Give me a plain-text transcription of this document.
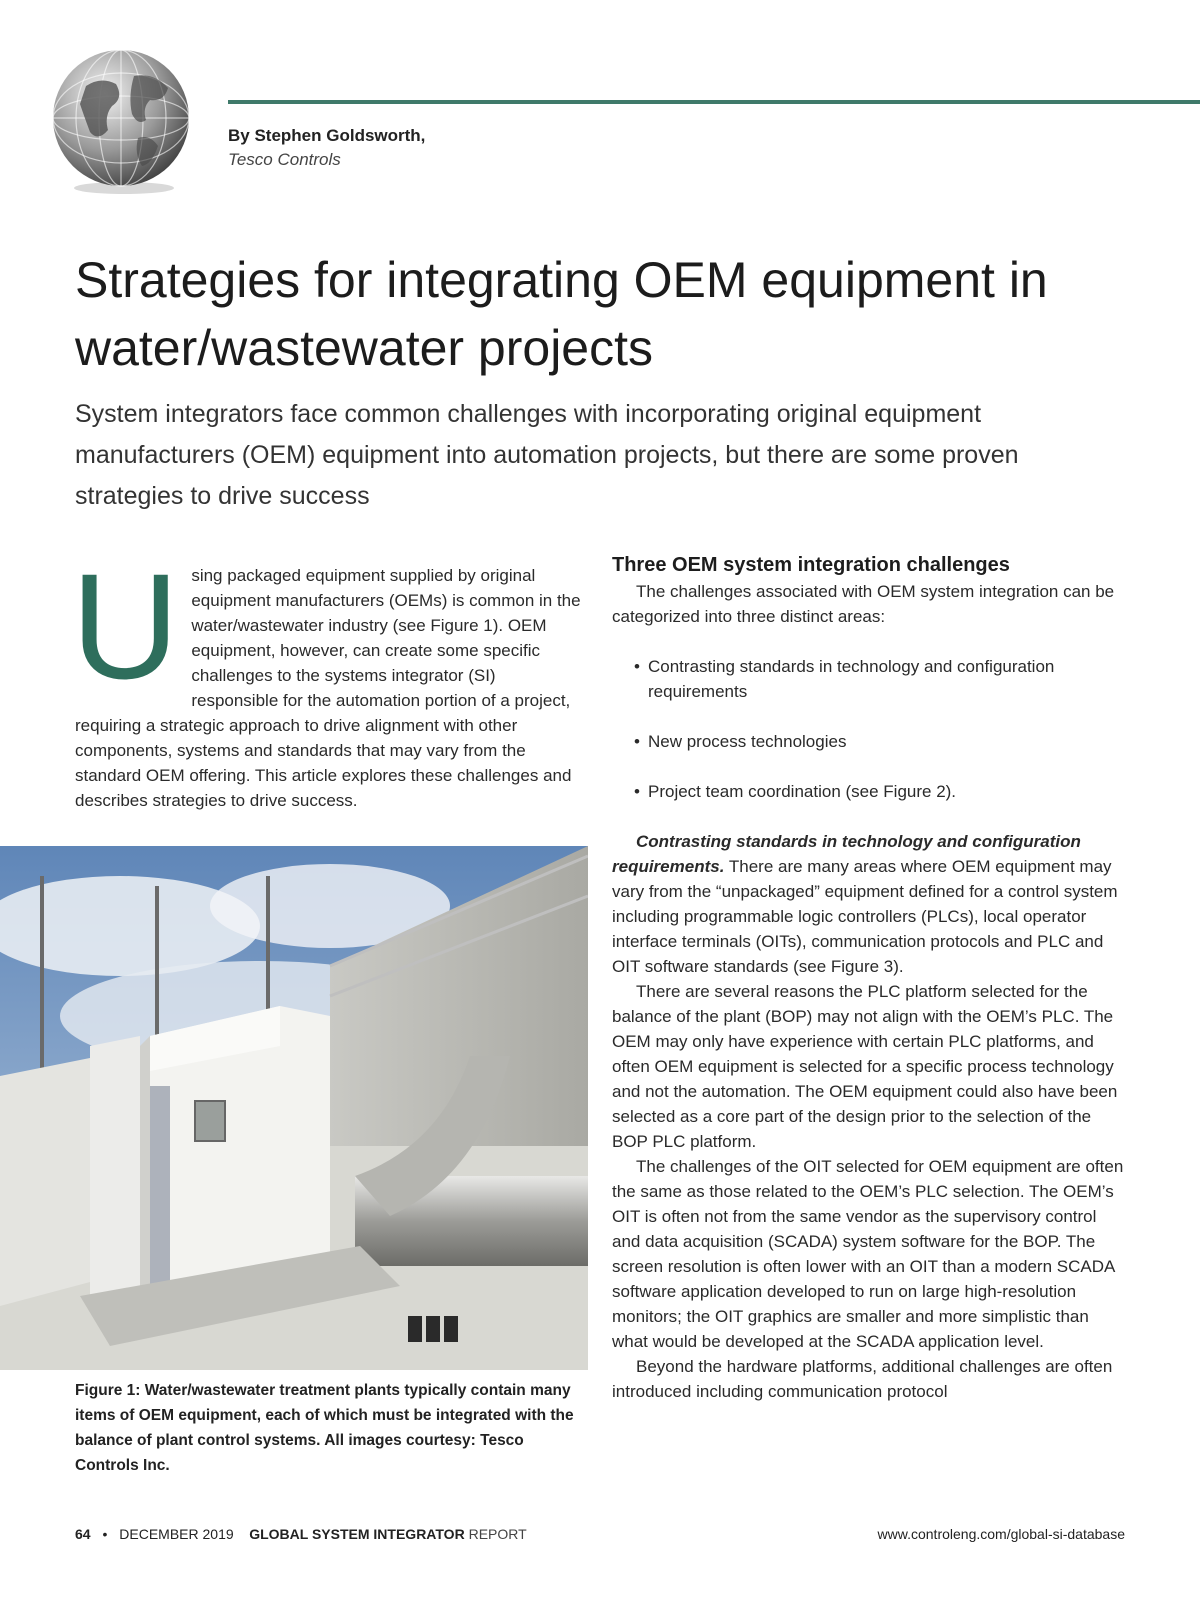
By Stephen Goldsworth,
Tesco Controls
Strategies for integrating OEM equipment in water/wastewater projects

System integrators face common challenges with incorporating original equipment manufacturers (OEM) equipment into automation projects, but there are some proven strategies to drive success

U sing packaged equipment supplied by original equipment manufacturers (OEMs) is common in the water/wastewater industry (see Figure 1). OEM equipment, however, can create some specific challenges to the systems integrator (SI) responsible for the automation portion of a project, requiring a strategic approach to drive alignment with other components, systems and standards that may vary from the standard OEM offering. This article explores these challenges and describes strategies to drive success.

Figure 1: Water/wastewater treatment plants typically contain many items of OEM equipment, each of which must be integrated with the balance of plant control systems. All images courtesy: Tesco Controls Inc.

Three OEM system integration challenges

The challenges associated with OEM system integration can be categorized into three distinct areas:

• Contrasting standards in technology and configuration requirements
• New process technologies
• Project team coordination (see Figure 2).

Contrasting standards in technology and configuration requirements. There are many areas where OEM equipment may vary from the “unpackaged” equipment defined for a control system including programmable logic controllers (PLCs), local operator interface terminals (OITs), communication protocols and PLC and OIT software standards (see Figure 3).

There are several reasons the PLC platform selected for the balance of the plant (BOP) may not align with the OEM’s PLC. The OEM may only have experience with certain PLC platforms, and often OEM equipment is selected for a specific process technology and not the automation. The OEM equipment could also have been selected as a core part of the design prior to the selection of the BOP PLC platform.

The challenges of the OIT selected for OEM equipment are often the same as those related to the OEM’s PLC selection. The OEM’s OIT is often not from the same vendor as the supervisory control and data acquisition (SCADA) system software for the BOP. The screen resolution is often lower with an OIT than a modern SCADA software application developed to run on large high-resolution monitors; the OIT graphics are smaller and more simplistic than what would be developed at the SCADA application level.

Beyond the hardware platforms, additional challenges are often introduced including communication protocol

64 • DECEMBER 2019 GLOBAL SYSTEM INTEGRATOR REPORT	www.controleng.com/global-si-database
